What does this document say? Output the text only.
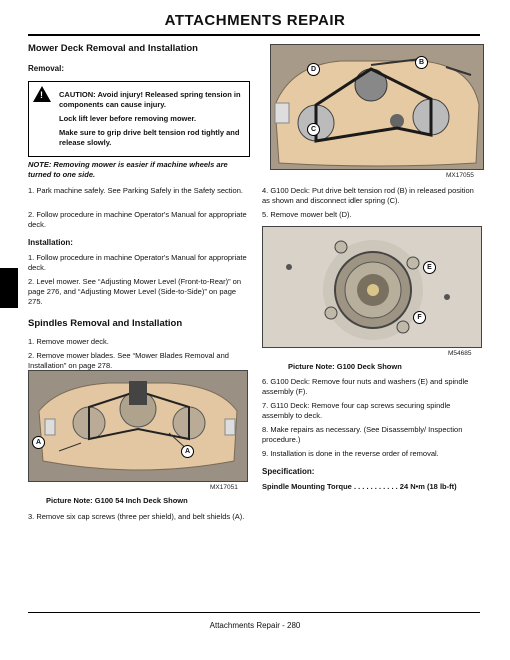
ATTACHMENTS REPAIR
Mower Deck Removal and Installation
Removal:
! CAUTION: Avoid injury! Released spring tension in components can cause injury.

Lock lift lever before removing mower.

Make sure to grip drive belt tension rod tightly and release slowly.

NOTE: Removing mower is easier if machine wheels are turned to one side.
1. Park machine safely. See Parking Safely in the Safety section.
2. Follow procedure in machine Operator's Manual for appropriate deck.
Installation:
1. Follow procedure in machine Operator's Manual for appropriate deck.
2. Level mower. See “Adjusting Mower Level (Front-to-Rear)” on page 276, and “Adjusting Mower Level (Side-to-Side)” on page 275.
Spindles Removal and Installation
1. Remove mower deck.
2. Remove mower blades. See “Mower Blades Removal and Installation” on page 278.
A
A
MX17051
Picture Note: G100 54 Inch Deck Shown
3. Remove six cap screws (three per shield), and belt shields (A).
B
D
C
MX17055
4. G100 Deck: Put drive belt tension rod (B) in released position as shown and disconnect idler spring (C).
5. Remove mower belt (D).
E
F
M54685
Picture Note: G100 Deck Shown
6. G100 Deck: Remove four nuts and washers (E) and spindle assembly (F).
7. G110 Deck: Remove four cap screws securing spindle assembly to deck.
8. Make repairs as necessary. (See Disassembly/ Inspection procedure.)
9. Installation is done in the reverse order of removal.
Specification:
Spindle Mounting Torque . . . . . . . . . . . 24 N•m (18 lb-ft)
Attachments Repair - 280
